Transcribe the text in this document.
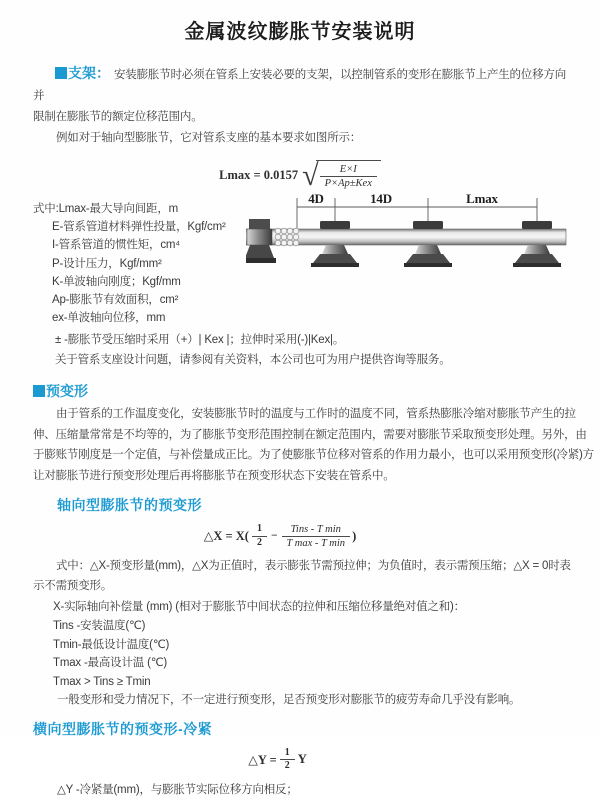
金属波纹膨胀节安装说明
支架： 安装膨胀节时必须在管系上安装必要的支架，以控制管系的变形在膨胀节上产生的位移方向并
限制在膨胀节的额定位移范围内。
例如对于轴向型膨胀节，它对管系支座的基本要求如图所示：
Lmax = 0.0157 √ $\frac{E\times I}{\text{P×Ap±Kex}}$
式中:Lmax-最大导向间距，m
E-管系管道材料弹性投量，Kgf/cm²
I-管系管道的惯性矩，cm⁴
P-设计压力，Kgf/mm²
K-单波轴向刚度；Kgf/mm
Ap-膨胀节有效面积，cm²
ex-单波轴向位移，mm
± -膨胀节受压缩时采用（+）| Kex |；拉伸时采用(-)|Kex|。
关于管系支座设计问题，请参阅有关资料，本公司也可为用户提供咨询等服务。
4D	14D	Lmax
预变形
由于管系的工作温度变化，安装膨胀节时的温度与工作时的温度不同，管系热膨胀冷缩对膨胀节产生的拉
伸、压缩量常常是不均等的，为了膨胀节变形范围控制在额定范围内，需要对膨胀节采取预变形处理。另外，由
于膨账节刚度是一个定值，与补偿量成正比。为了使膨胀节位移对管系的作用力最小，也可以采用预变形(冷紧)方
让对膨胀节进行预变形处理后再将膨胀节在预变形状态下安装在管系中。
轴向型膨胀节的预变形
△X = $X( \frac{1}{2} - \frac{\text{Tins - T min}}{\text{T max - T min}}$ )
式中：△X-预变形量(mm)，△X为正值时，表示膨张节需预拉伸；为负值时，表示需预压缩；△X = 0时表
示不需预变形。
X-实际轴向补偿量 (mm) (相对于膨胀节中间状态的拉伸和压缩位移量绝对值之和)：
Tins -安装温度(℃)
Tmin-最低设计温度(℃)
Tmax -最高设计温 (℃)
Tmax > Tins ≥ Tmin
一般变形和受力情况下，不一定进行预变形，足否预变形对膨胀节的疲劳寿命几乎没有影响。
横向型膨胀节的预变形-冷紧
△Y = $\frac{1}{2}$ Y
△Y -冷紧量(mm)，与膨胀节实际位移方向相反；
